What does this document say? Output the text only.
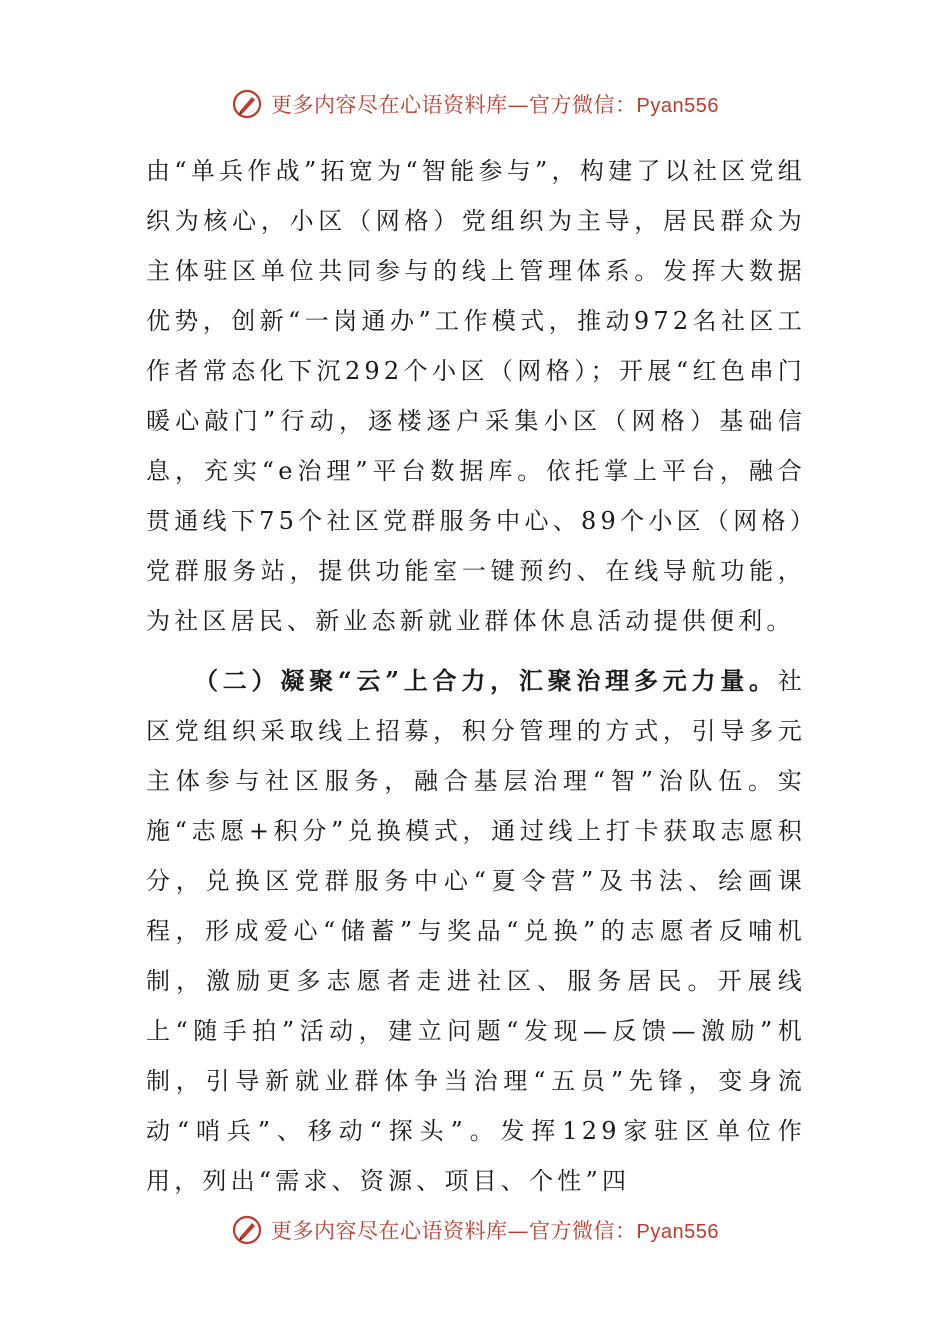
更多内容尽在心语资料库—官方微信：Pyan556

由“单兵作战”拓宽为“智能参与”，构建了以社区党组织为核心，小区（网格）党组织为主导，居民群众为主体驻区单位共同参与的线上管理体系。发挥大数据优势，创新“一岗通办”工作模式，推动972名社区工作者常态化下沉292个小区（网格）；开展“红色串门暖心敲门”行动，逐楼逐户采集小区（网格）基础信息，充实“e治理”平台数据库。依托掌上平台，融合贯通线下75个社区党群服务中心、89个小区（网格）党群服务站，提供功能室一键预约、在线导航功能，为社区居民、新业态新就业群体休息活动提供便利。

（二）凝聚“云”上合力，汇聚治理多元力量。社区党组织采取线上招募，积分管理的方式，引导多元主体参与社区服务，融合基层治理“智”治队伍。实施“志愿+积分”兑换模式，通过线上打卡获取志愿积分，兑换区党群服务中心“夏令营”及书法、绘画课程，形成爱心“储蓄”与奖品“兑换”的志愿者反哺机制，激励更多志愿者走进社区、服务居民。开展线上“随手拍”活动，建立问题“发现—反馈—激励”机制，引导新就业群体争当治理“五员”先锋，变身流动“哨兵”、移动“探头”。发挥129家驻区单位作用，列出“需求、资源、项目、个性”四

更多内容尽在心语资料库—官方微信：Pyan556
